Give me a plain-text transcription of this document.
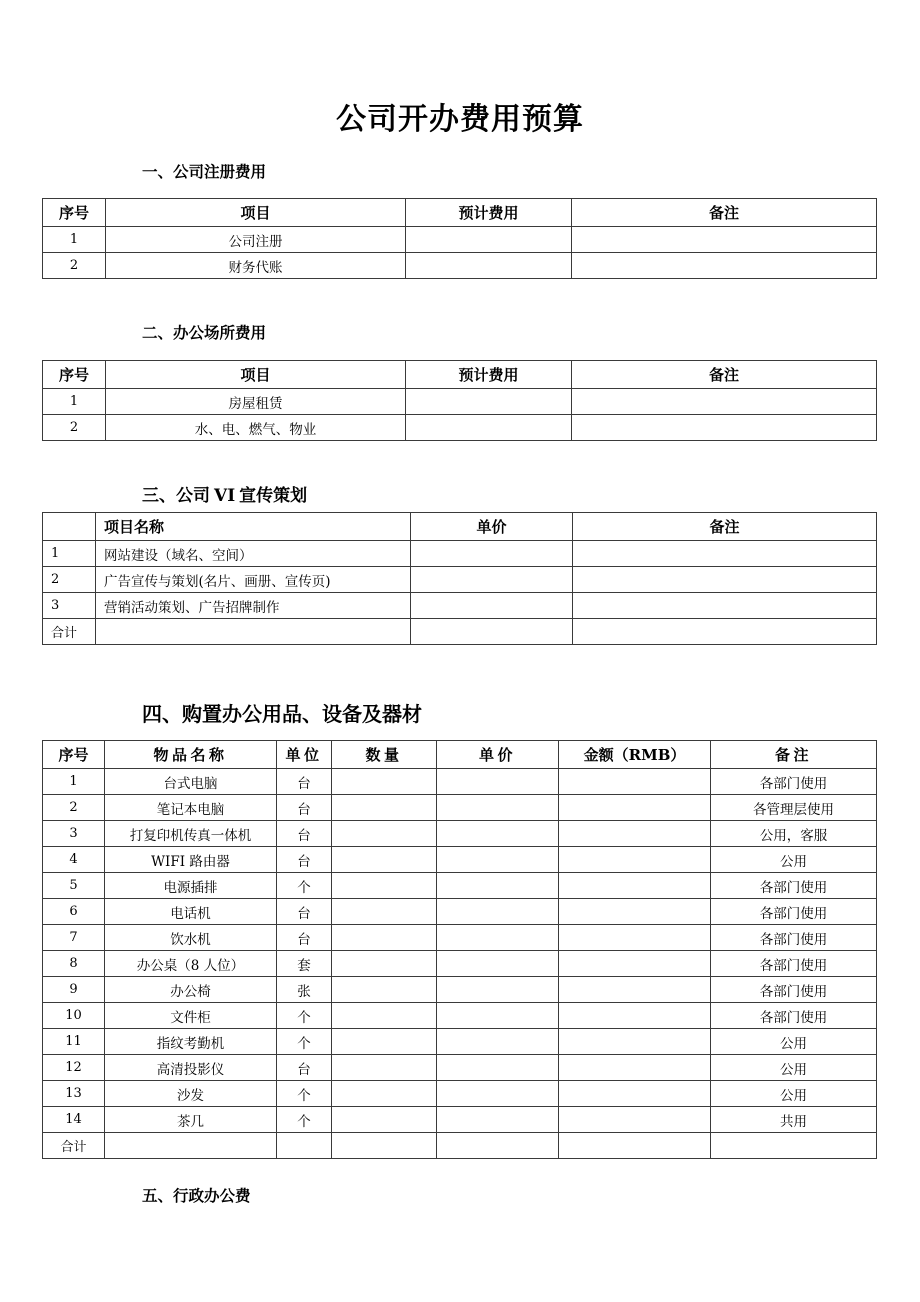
公司开办费用预算
一、公司注册费用
序号	项目	预计费用	备注
1	公司注册		
2	财务代账		
二、办公场所费用
序号	项目	预计费用	备注
1	房屋租赁		
2	水、电、燃气、物业		
三、公司 VI 宣传策划
	项目名称	单价	备注
1	网站建设（域名、空间）		
2	广告宣传与策划(名片、画册、宣传页)		
3	营销活动策划、广告招牌制作		
合计			
四、购置办公用品、设备及器材
序号	物品名称	单位	数量	单价	金额（RMB）	备注
1	台式电脑	台				各部门使用
2	笔记本电脑	台				各管理层使用
3	打复印机传真一体机	台				公用，客服
4	WIFI 路由器	台				公用
5	电源插排	个				各部门使用
6	电话机	台				各部门使用
7	饮水机	台				各部门使用
8	办公桌（8 人位）	套				各部门使用
9	办公椅	张				各部门使用
10	文件柜	个				各部门使用
11	指纹考勤机	个				公用
12	高清投影仪	台				公用
13	沙发	个				公用
14	茶几	个				共用
合计						
五、行政办公费
